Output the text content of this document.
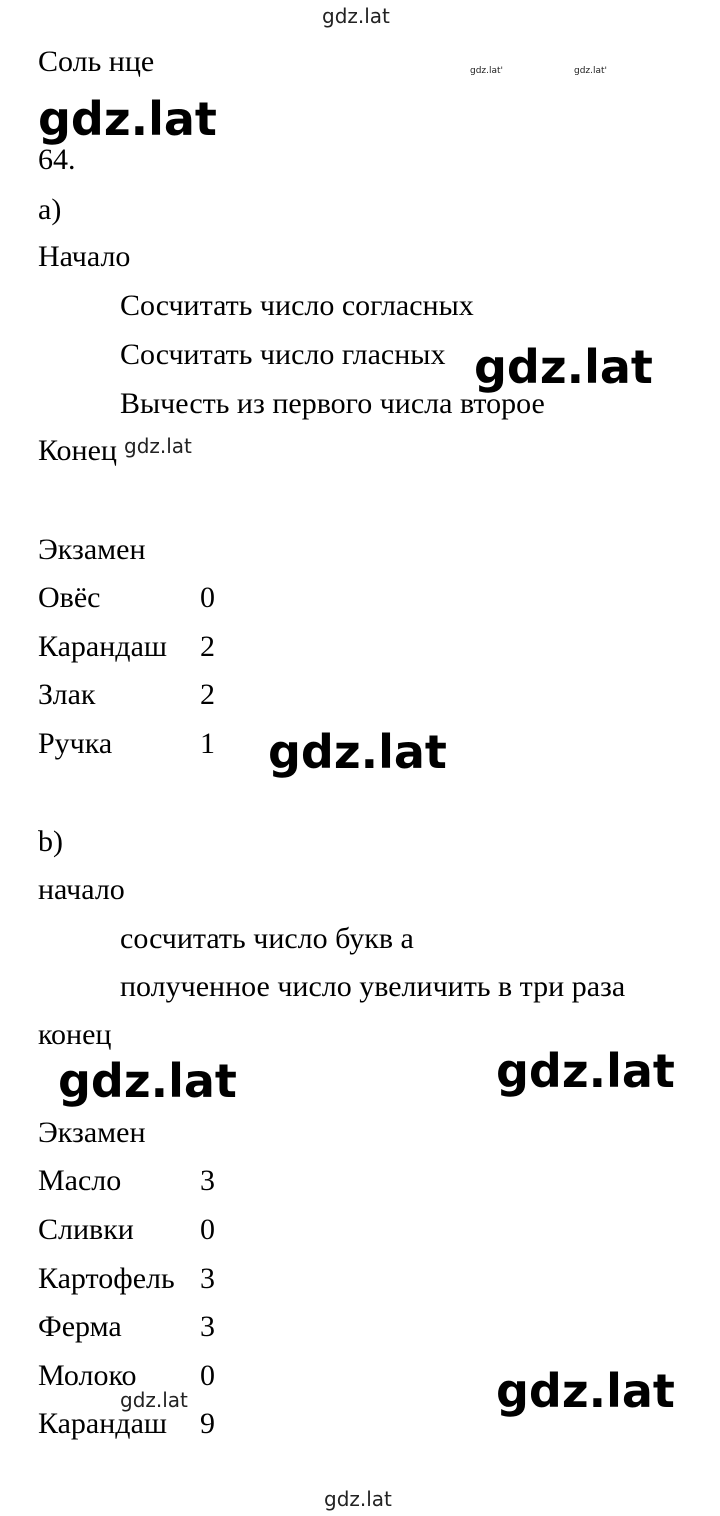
gdz.lat
gdz.lat'	gdz.lat'
gdz.lat
Соль нце
64.
a)
Начало
Сосчитать число согласных
Сосчитать число гласных gdz.lat
Вычесть из первого числа второе
Конец gdz.lat
Экзамен
Овёс	0
Карандаш 2
Злак	2
Ручка	1 gdz.lat
b)
начало
сосчитать число букв а
полученное число увеличить в три раза
конец
gdz.lat	gdz.lat
Экзамен
Масло	3
Сливки 0
Картофель 3
Ферма	3
Молоко 0
gdz.lat	gdz.lat
Карандаш 9
gdz.lat
